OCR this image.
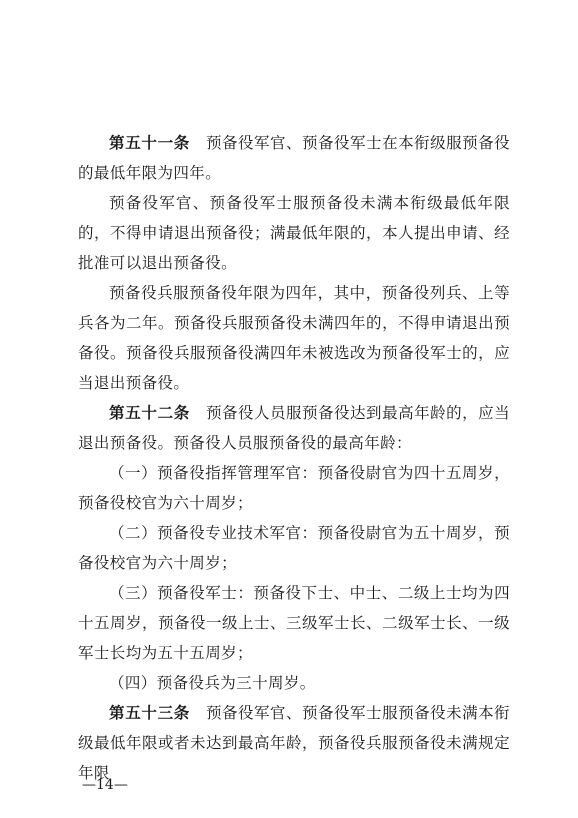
第五十一条　 预备役军官、预备役军士在本衔级服预备役的最低年限为四年。

预备役军官、预备役军士服预备役未满本衔级最低年限的，不得申请退出预备役；满最低年限的，本人提出申请、经批准可以退出预备役。

预备役兵服预备役年限为四年，其中，预备役列兵、上等兵各为二年。预备役兵服预备役未满四年的，不得申请退出预备役。预备役兵服预备役满四年未被选改为预备役军士的，应当退出预备役。

第五十二条　 预备役人员服预备役达到最高年龄的，应当退出预备役。预备役人员服预备役的最高年龄：

（一）预备役指挥管理军官：预备役尉官为四十五周岁，预备役校官为六十周岁；

（二）预备役专业技术军官：预备役尉官为五十周岁，预备役校官为六十周岁；

（三）预备役军士：预备役下士、中士、二级上士均为四十五周岁，预备役一级上士、三级军士长、二级军士长、一级军士长均为五十五周岁；

（四）预备役兵为三十周岁。

第五十三条　 预备役军官、预备役军士服预备役未满本衔级最低年限或者未达到最高年龄，预备役兵服预备役未满规定年限

—14—
